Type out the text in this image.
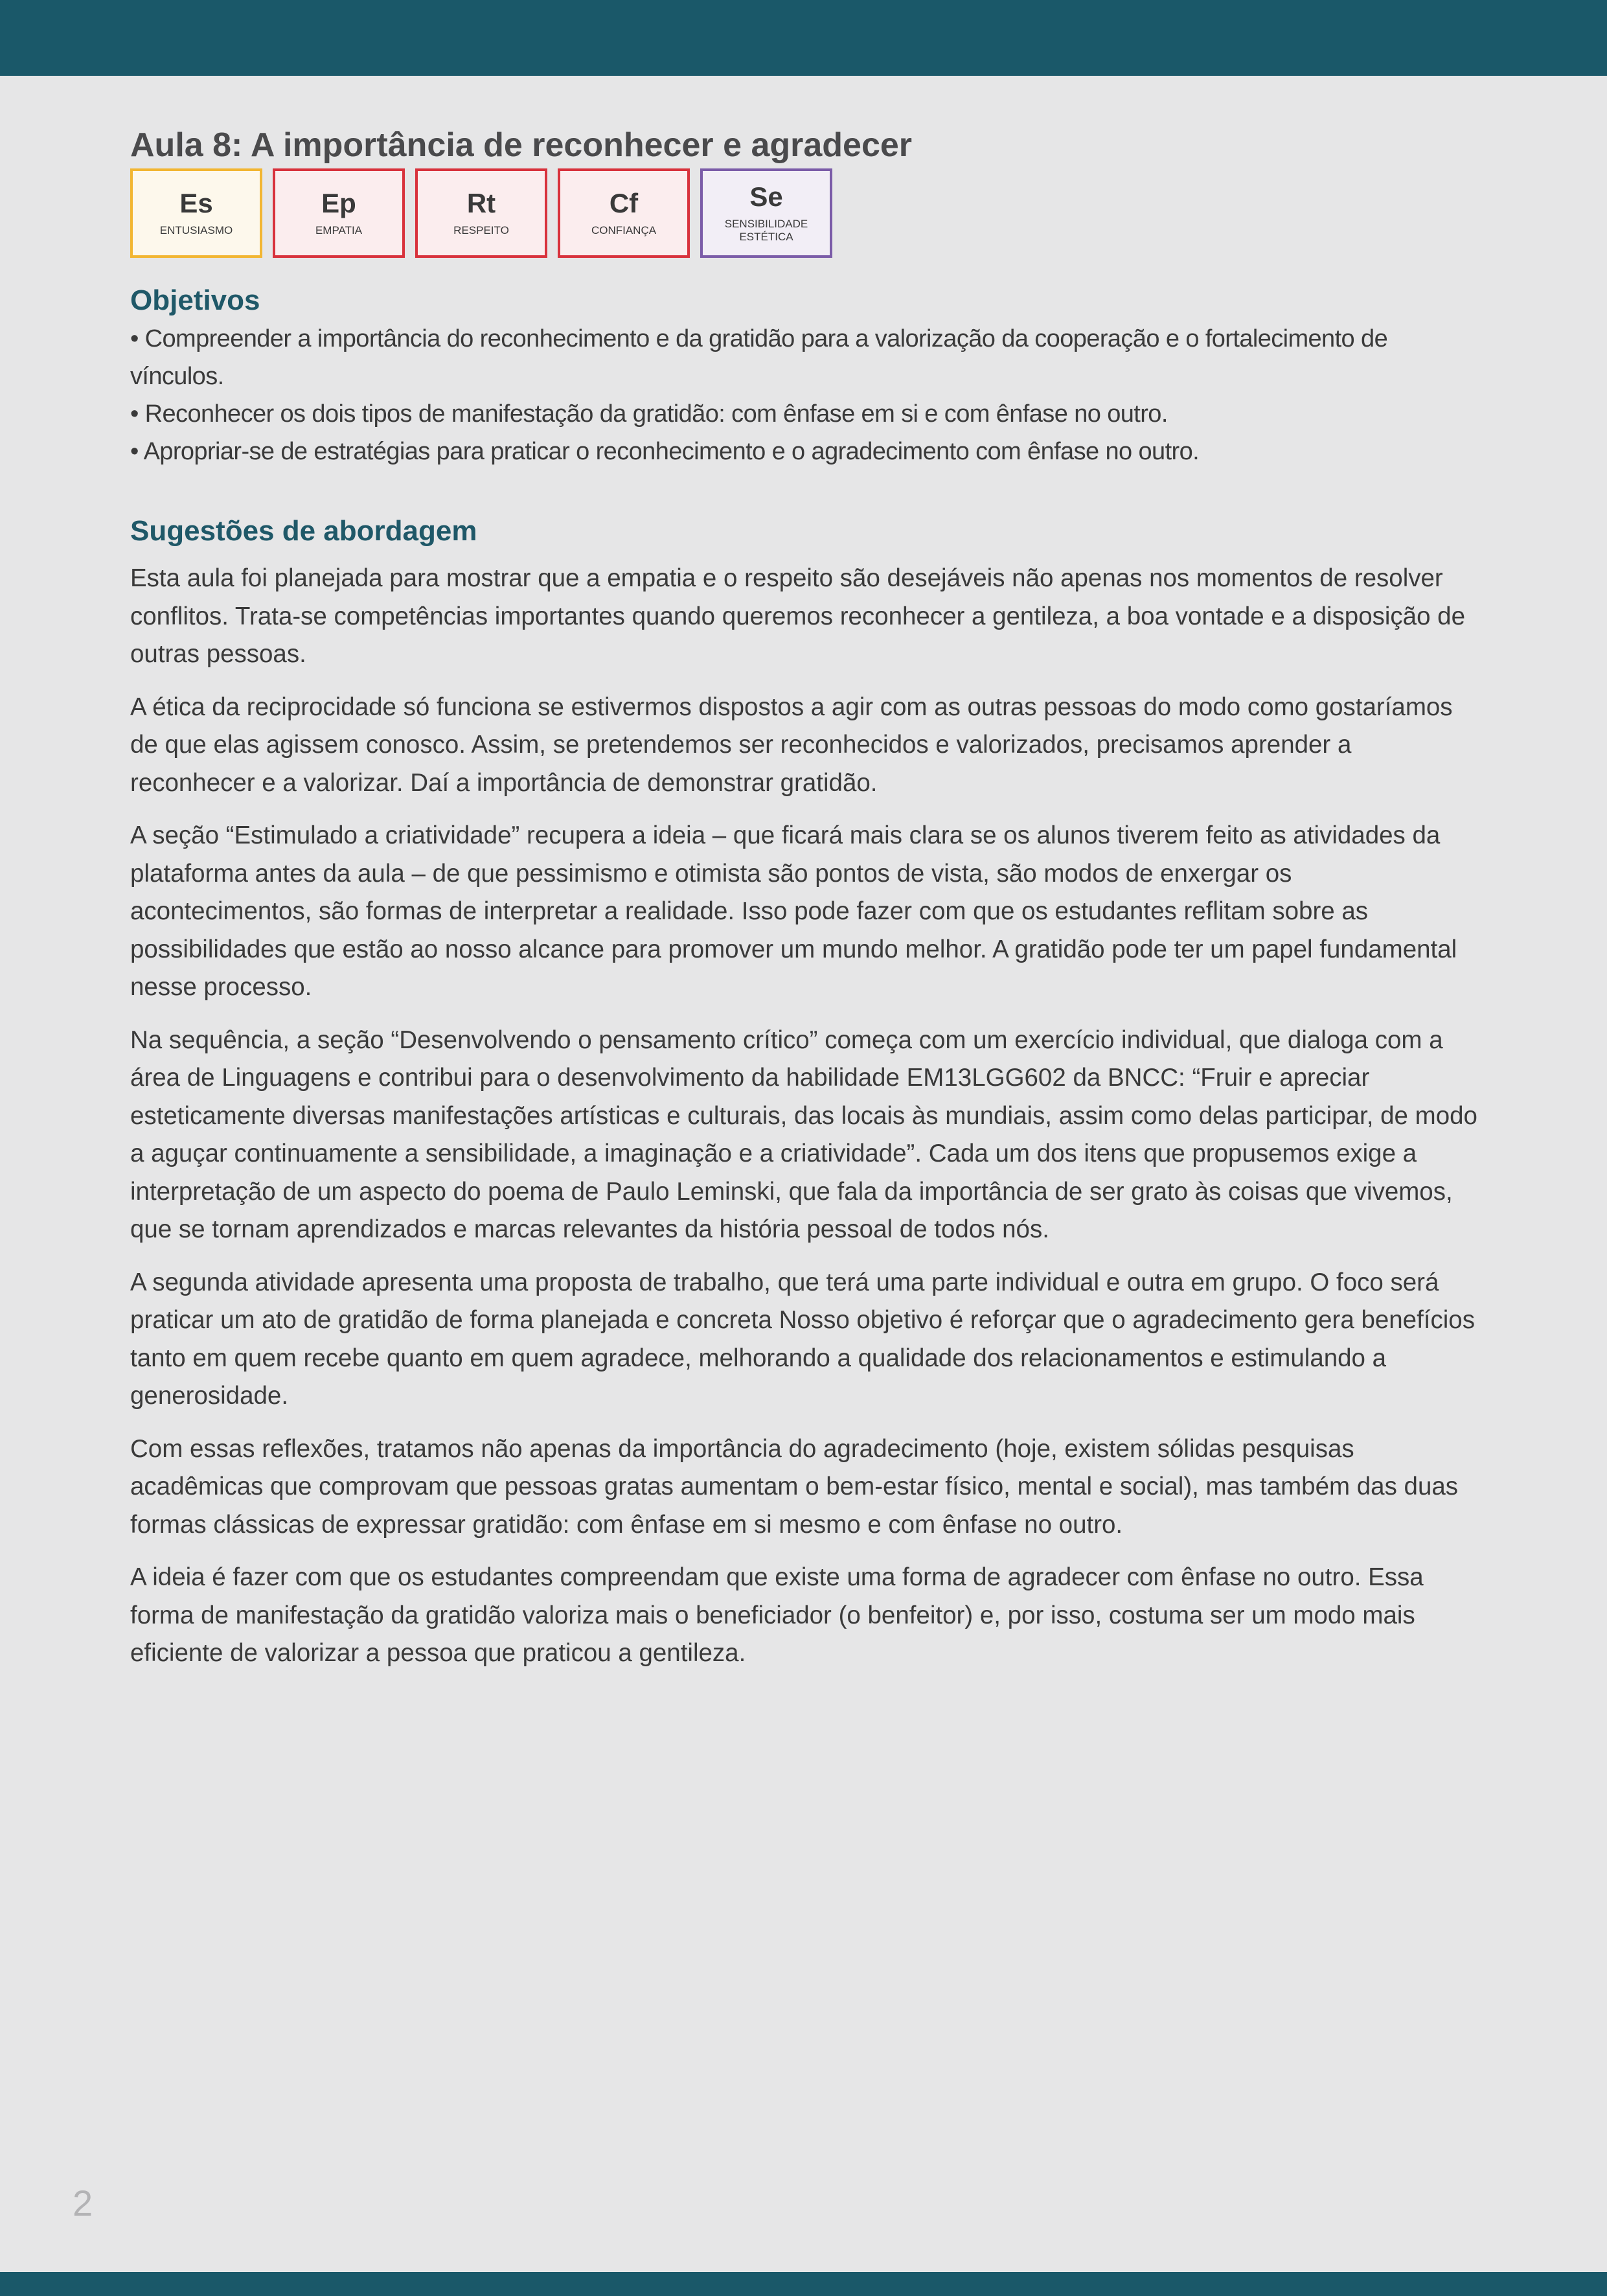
Aula 8: A importância de reconhecer e agradecer
Es
ENTUSIASMO
Ep
EMPATIA
Rt
RESPEITO
Cf
CONFIANÇA
Se
SENSIBILIDADE ESTÉTICA
Objetivos
• Compreender a importância do reconhecimento e da gratidão para a valorização da cooperação e o fortalecimento de vínculos.
• Reconhecer os dois tipos de manifestação da gratidão: com ênfase em si e com ênfase no outro.
• Apropriar-se de estratégias para praticar o reconhecimento e o agradecimento com ênfase no outro.
Sugestões de abordagem

Esta aula foi planejada para mostrar que a empatia e o respeito são desejáveis não apenas nos momentos de resolver conflitos. Trata-se competências importantes quando queremos reconhecer a gentileza, a boa vontade e a disposição de outras pessoas.

A ética da reciprocidade só funciona se estivermos dispostos a agir com as outras pessoas do modo como gostaríamos de que elas agissem conosco. Assim, se pretendemos ser reconhecidos e valorizados, precisamos aprender a reconhecer e a valorizar. Daí a importância de demonstrar gratidão.

A seção “Estimulado a criatividade” recupera a ideia – que ficará mais clara se os alunos tiverem feito as atividades da plataforma antes da aula – de que pessimismo e otimista são pontos de vista, são modos de enxergar os acontecimentos, são formas de interpretar a realidade. Isso pode fazer com que os estudantes reflitam sobre as possibilidades que estão ao nosso alcance para promover um mundo melhor. A gratidão pode ter um papel fundamental nesse processo.

Na sequência, a seção “Desenvolvendo o pensamento crítico” começa com um exercício individual, que dialoga com a área de Linguagens e contribui para o desenvolvimento da habilidade EM13LGG602 da BNCC: “Fruir e apreciar esteticamente diversas manifestações artísticas e culturais, das locais às mundiais, assim como delas participar, de modo a aguçar continuamente a sensibilidade, a imaginação e a criatividade”. Cada um dos itens que propusemos exige a interpretação de um aspecto do poema de Paulo Leminski, que fala da importância de ser grato às coisas que vivemos, que se tornam aprendizados e marcas relevantes da história pessoal de todos nós.

A segunda atividade apresenta uma proposta de trabalho, que terá uma parte individual e outra em grupo. O foco será praticar um ato de gratidão de forma planejada e concreta Nosso objetivo é reforçar que o agradecimento gera benefícios tanto em quem recebe quanto em quem agradece, melhorando a qualidade dos relacionamentos e estimulando a generosidade.

Com essas reflexões, tratamos não apenas da importância do agradecimento (hoje, existem sólidas pesquisas acadêmicas que comprovam que pessoas gratas aumentam o bem-estar físico, mental e social), mas também das duas formas clássicas de expressar gratidão: com ênfase em si mesmo e com ênfase no outro.

A ideia é fazer com que os estudantes compreendam que existe uma forma de agradecer com ênfase no outro. Essa forma de manifestação da gratidão valoriza mais o beneficiador (o benfeitor) e, por isso, costuma ser um modo mais eficiente de valorizar a pessoa que praticou a gentileza.

2
